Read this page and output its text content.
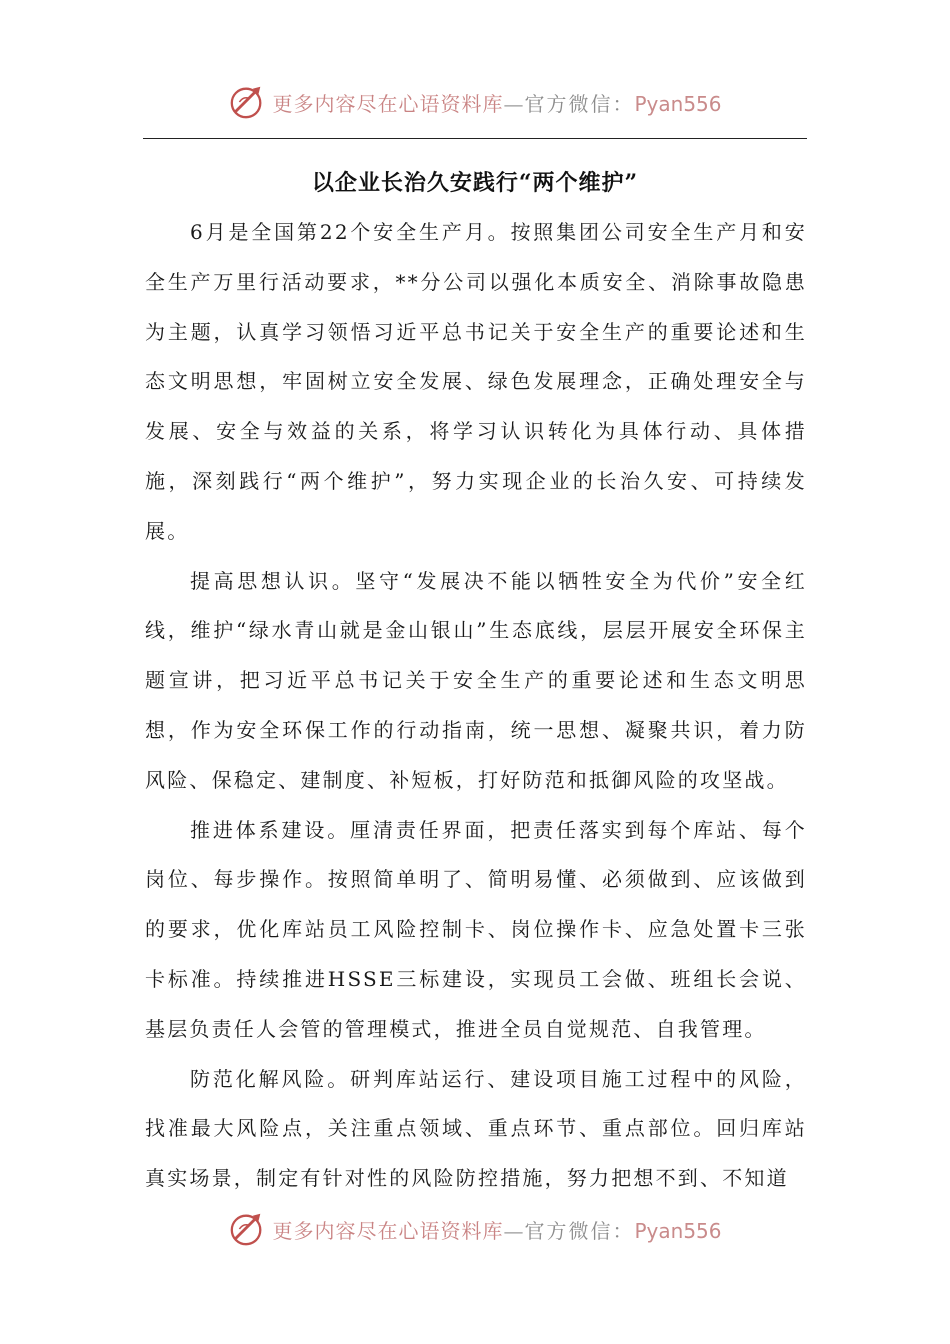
更多内容尽在心语资料库—官方微信：Pyan556
以企业长治久安践行“两个维护”

6月是全国第22个安全生产月。按照集团公司安全生产月和安全生产万里行活动要求，**分公司以强化本质安全、消除事故隐患为主题，认真学习领悟习近平总书记关于安全生产的重要论述和生态文明思想，牢固树立安全发展、绿色发展理念，正确处理安全与发展、安全与效益的关系，将学习认识转化为具体行动、具体措施，深刻践行“两个维护”，努力实现企业的长治久安、可持续发展。

提高思想认识。坚守“发展决不能以牺牲安全为代价”安全红线，维护“绿水青山就是金山银山”生态底线，层层开展安全环保主题宣讲，把习近平总书记关于安全生产的重要论述和生态文明思想，作为安全环保工作的行动指南，统一思想、凝聚共识，着力防风险、保稳定、建制度、补短板，打好防范和抵御风险的攻坚战。

推进体系建设。厘清责任界面，把责任落实到每个库站、每个岗位、每步操作。按照简单明了、简明易懂、必须做到、应该做到的要求，优化库站员工风险控制卡、岗位操作卡、应急处置卡三张卡标准。持续推进HSSE三标建设，实现员工会做、班组长会说、基层负责任人会管的管理模式，推进全员自觉规范、自我管理。

防范化解风险。研判库站运行、建设项目施工过程中的风险，找准最大风险点，关注重点领域、重点环节、重点部位。回归库站真实场景，制定有针对性的风险防控措施，努力把想不到、不知道

更多内容尽在心语资料库—官方微信：Pyan556
